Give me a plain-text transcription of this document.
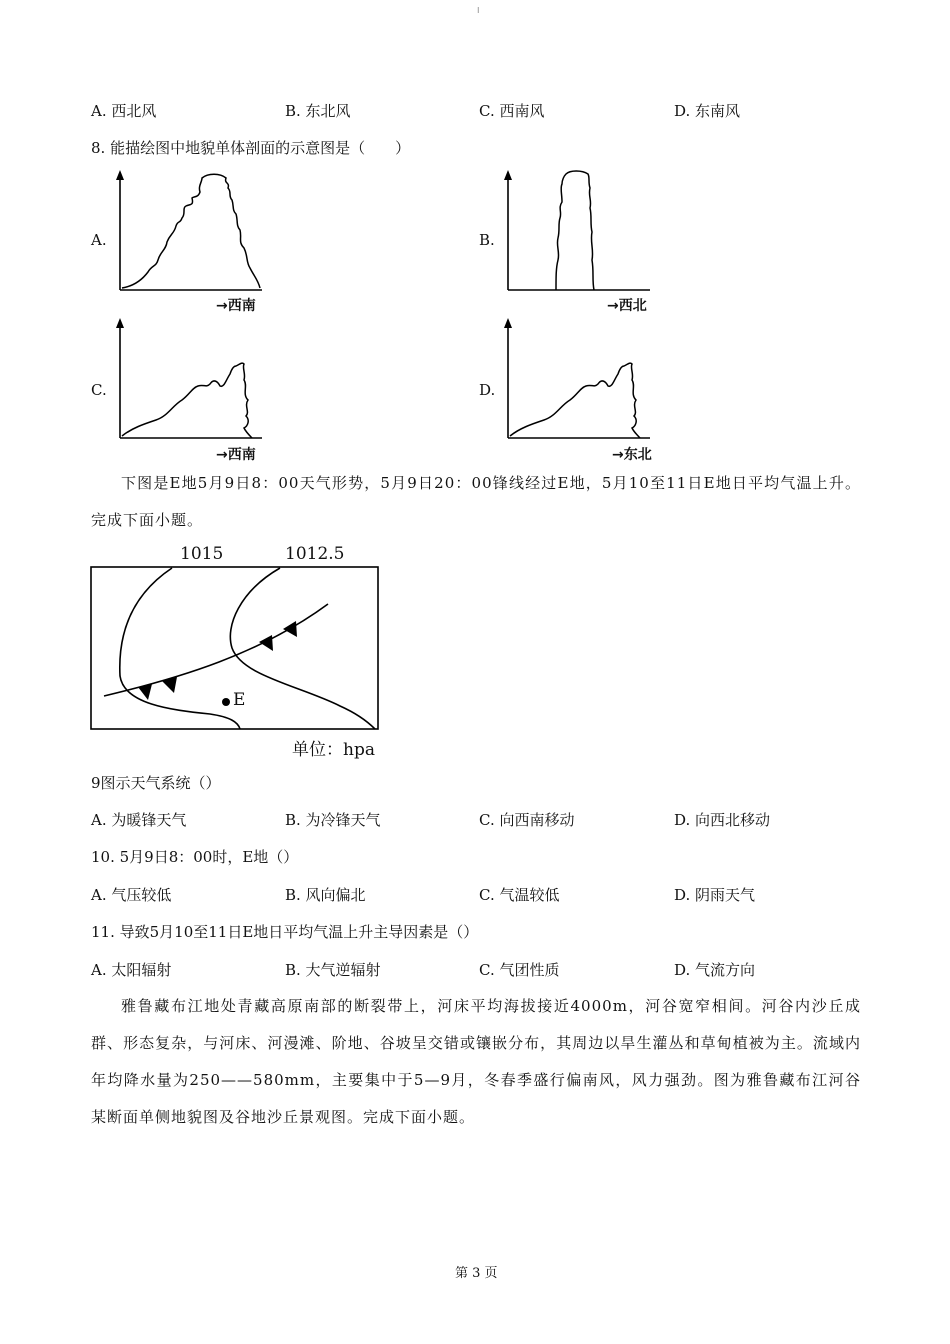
ǀ
A. 西北风	B. 东北风	C. 西南风	D. 东南风
8. 能描绘图中地貌单体剖面的示意图是（　　）
A.
→西南
B.
→西北
C.
→西南
D.
→东北

下图是E地5月9日8：00天气形势，5月9日20：00锋线经过E地，5月10至11日E地日平均气温上升。完成下面小题。

1015	1012.5
E
单位：hpa
9图示天气系统（）
A. 为暖锋天气	B. 为冷锋天气	C. 向西南移动	D. 向西北移动
10. 5月9日8：00时，E地（）
A. 气压较低	B. 风向偏北	C. 气温较低	D. 阴雨天气
11. 导致5月10至11日E地日平均气温上升主导因素是（）
A. 太阳辐射	B. 大气逆辐射	C. 气团性质	D. 气流方向

雅鲁藏布江地处青藏高原南部的断裂带上，河床平均海拔接近4000m，河谷宽窄相间。河谷内沙丘成群、形态复杂，与河床、河漫滩、阶地、谷坡呈交错或镶嵌分布，其周边以旱生灌丛和草甸植被为主。流域内年均降水量为250——580mm，主要集中于5—9月，冬春季盛行偏南风，风力强劲。图为雅鲁藏布江河谷某断面单侧地貌图及谷地沙丘景观图。完成下面小题。

第 3 页
